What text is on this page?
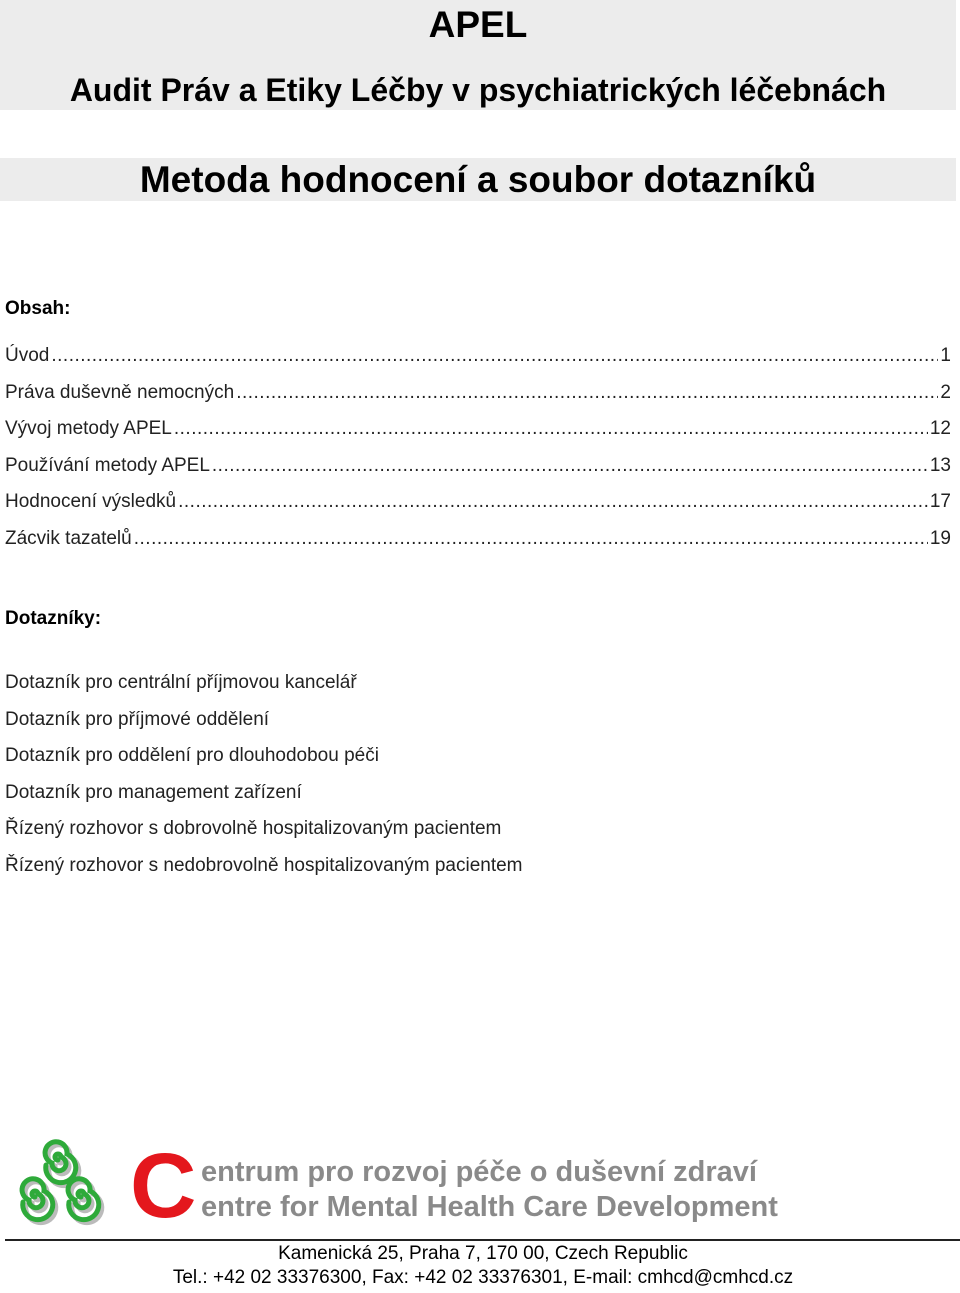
APEL
Audit Práv a Etiky Léčby v psychiatrických léčebnách
Metoda hodnocení a soubor dotazníků
Obsah:
Úvod .....	1
Práva duševně nemocných .....	2
Vývoj metody APEL .....	12
Používání metody APEL .....	13
Hodnocení výsledků .....	17
Zácvik tazatelů .....	19
Dotazníky:
Dotazník pro centrální příjmovou kancelář
Dotazník pro příjmové oddělení
Dotazník pro oddělení pro dlouhodobou péči
Dotazník pro management zařízení
Řízený rozhovor s dobrovolně hospitalizovaným pacientem
Řízený rozhovor s nedobrovolně hospitalizovaným pacientem
C entrum pro rozvoj péče o duševní zdraví
entre for Mental Health Care Development
Kamenická 25, Praha 7, 170 00, Czech Republic
Tel.: +42 02 33376300, Fax: +42 02 33376301, E-mail: cmhcd@cmhcd.cz
